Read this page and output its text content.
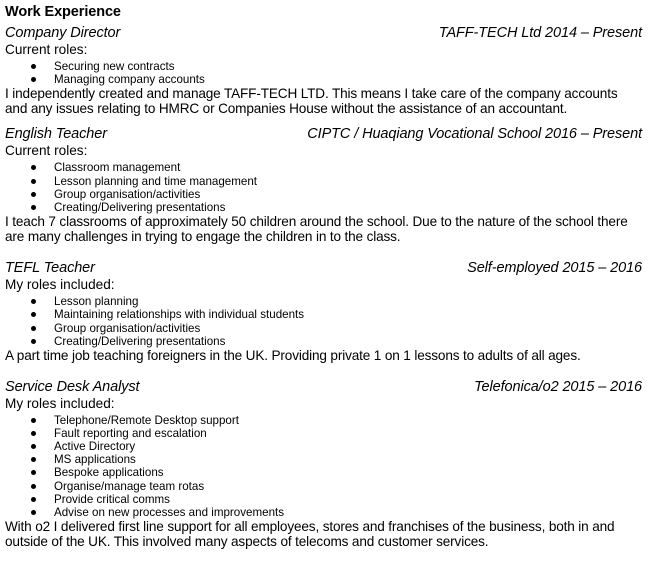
Work Experience
Company Director	TAFF-TECH Ltd 2014 – Present
Current roles:
Securing new contracts
Managing company accounts
I independently created and manage TAFF-TECH LTD. This means I take care of the company accounts and any issues relating to HMRC or Companies House without the assistance of an accountant.
English Teacher	CIPTC / Huaqiang Vocational School 2016 – Present
Current roles:
Classroom management
Lesson planning and time management
Group organisation/activities
Creating/Delivering presentations
I teach 7 classrooms of approximately 50 children around the school. Due to the nature of the school there are many challenges in trying to engage the children in to the class.
TEFL Teacher	Self-employed 2015 – 2016
My roles included:
Lesson planning
Maintaining relationships with individual students
Group organisation/activities
Creating/Delivering presentations
A part time job teaching foreigners in the UK. Providing private 1 on 1 lessons to adults of all ages.
Service Desk Analyst	Telefonica/o2 2015 – 2016
My roles included:
Telephone/Remote Desktop support
Fault reporting and escalation
Active Directory
MS applications
Bespoke applications
Organise/manage team rotas
Provide critical comms
Advise on new processes and improvements
With o2 I delivered first line support for all employees, stores and franchises of the business, both in and outside of the UK. This involved many aspects of telecoms and customer services.
